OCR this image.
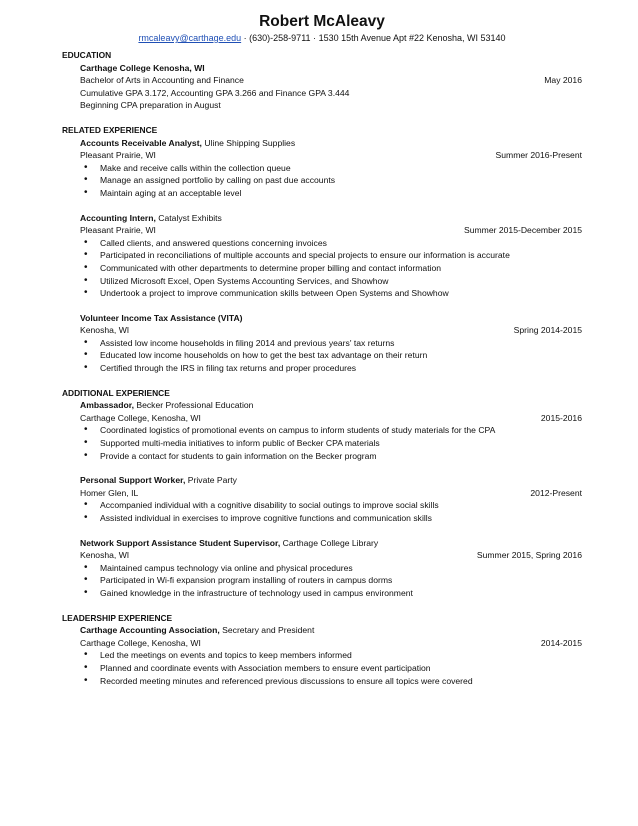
Robert McAleavy
rmcaleavy@carthage.edu · (630)-258-9711 · 1530 15th Avenue Apt #22 Kenosha, WI 53140
EDUCATION
Carthage College Kenosha, WI
Bachelor of Arts in Accounting and Finance	May 2016
Cumulative GPA 3.172, Accounting GPA 3.266 and Finance GPA 3.444
Beginning CPA preparation in August
RELATED EXPERIENCE
Accounts Receivable Analyst, Uline Shipping Supplies
Pleasant Prairie, WI	Summer 2016-Present
• Make and receive calls within the collection queue
• Manage an assigned portfolio by calling on past due accounts
• Maintain aging at an acceptable level
Accounting Intern, Catalyst Exhibits
Pleasant Prairie, WI	Summer 2015-December 2015
• Called clients, and answered questions concerning invoices
• Participated in reconciliations of multiple accounts and special projects to ensure our information is accurate
• Communicated with other departments to determine proper billing and contact information
• Utilized Microsoft Excel, Open Systems Accounting Services, and Showhow
• Undertook a project to improve communication skills between Open Systems and Showhow
Volunteer Income Tax Assistance (VITA)
Kenosha, WI	Spring 2014-2015
• Assisted low income households in filing 2014 and previous years' tax returns
• Educated low income households on how to get the best tax advantage on their return
• Certified through the IRS in filing tax returns and proper procedures
ADDITIONAL EXPERIENCE
Ambassador, Becker Professional Education
Carthage College, Kenosha, WI	2015-2016
• Coordinated logistics of promotional events on campus to inform students of study materials for the CPA
• Supported multi-media initiatives to inform public of Becker CPA materials
• Provide a contact for students to gain information on the Becker program
Personal Support Worker, Private Party
Homer Glen, IL	2012-Present
• Accompanied individual with a cognitive disability to social outings to improve social skills
• Assisted individual in exercises to improve cognitive functions and communication skills
Network Support Assistance Student Supervisor, Carthage College Library
Kenosha, WI	Summer 2015, Spring 2016
• Maintained campus technology via online and physical procedures
• Participated in Wi-fi expansion program installing of routers in campus dorms
• Gained knowledge in the infrastructure of technology used in campus environment
LEADERSHIP EXPERIENCE
Carthage Accounting Association, Secretary and President
Carthage College, Kenosha, WI	2014-2015
• Led the meetings on events and topics to keep members informed
• Planned and coordinate events with Association members to ensure event participation
• Recorded meeting minutes and referenced previous discussions to ensure all topics were covered
